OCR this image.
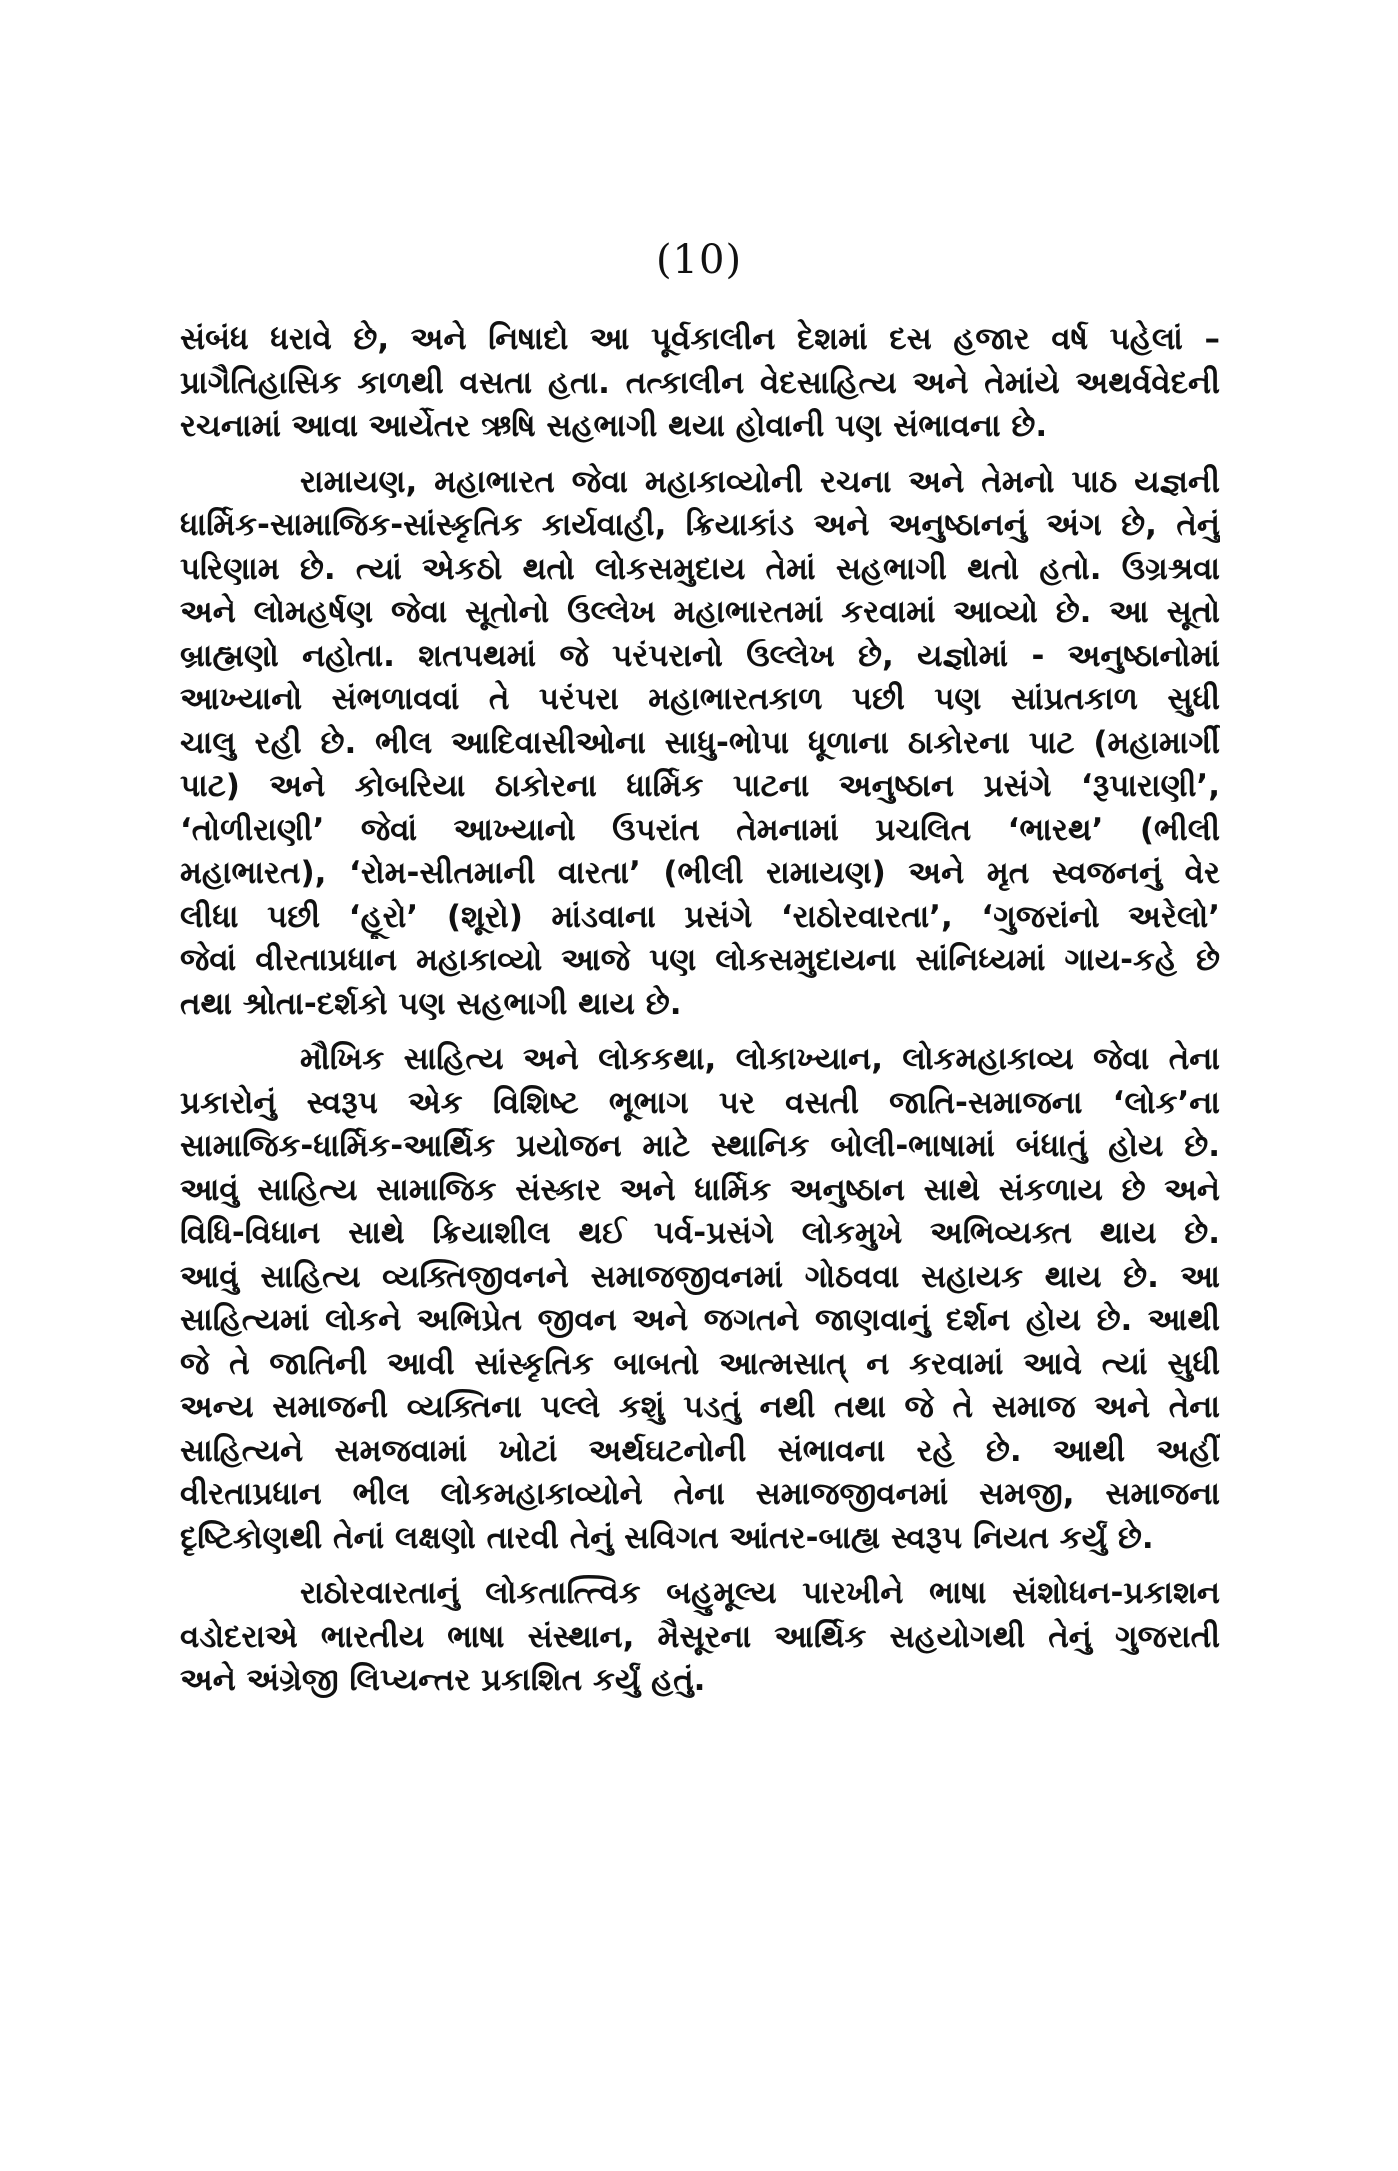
(10)

સંબંધ ધરાવે છે, અને નિષાદો આ પૂર્વકાલીન દેશમાં દસ હજાર વર્ષ પહેલાં –
પ્રાગૈતિહાસિક કાળથી વસતા હતા. તત્કાલીન વેદસાહિત્ય અને તેમાંયે અથર્વવેદની
રચનામાં આવા આર્યેતર ઋષિ સહભાગી થયા હોવાની પણ સંભાવના છે.

રામાયણ, મહાભારત જેવા મહાકાવ્યોની રચના અને તેમનો પાઠ યજ્ઞની
ધાર્મિક-સામાજિક-સાંસ્કૃતિક કાર્યવાહી, ક્રિયાકાંડ અને અનુષ્ઠાનનું અંગ છે, તેનું
પરિણામ છે. ત્યાં એકઠો થતો લોકસમુદાય તેમાં સહભાગી થતો હતો. ઉગ્રશ્રવા
અને લોમહર્ષણ જેવા સૂતોનો ઉલ્લેખ મહાભારતમાં કરવામાં આવ્યો છે. આ સૂતો
બ્રાહ્મણો નહોતા. શતપથમાં જે પરંપરાનો ઉલ્લેખ છે, યજ્ઞોમાં - અનુષ્ઠાનોમાં
આખ્યાનો સંભળાવવાં તે પરંપરા મહાભારતકાળ પછી પણ સાંપ્રતકાળ સુધી
ચાલુ રહી છે. ભીલ આદિવાસીઓના સાધુ-ભોપા ધૂળાના ઠાકોરના પાટ (મહામાર્ગી
પાટ) અને કોબરિયા ઠાકોરના ધાર્મિક પાટના અનુષ્ઠાન પ્રસંગે ‘રૂપારાણી’,
‘તોળીરાણી’ જેવાં આખ્યાનો ઉપરાંત તેમનામાં પ્રચલિત ‘ભારથ’ (ભીલી
મહાભારત), ‘રોમ-સીતમાની વારતા’ (ભીલી રામાયણ) અને મૃત સ્વજનનું વેર
લીધા પછી ‘હૂરો’ (શૂરો) માંડવાના પ્રસંગે ‘રાઠોરવારતા’, ‘ગુજરાંનો અરેલો’
જેવાં વીરતાપ્રધાન મહાકાવ્યો આજે પણ લોકસમુદાયના સાંનિધ્યમાં ગાય-કહે છે
તથા શ્રોતા-દર્શકો પણ સહભાગી થાય છે.

મૌખિક સાહિત્ય અને લોકકથા, લોકાખ્યાન, લોકમહાકાવ્ય જેવા તેના
પ્રકારોનું સ્વરૂપ એક વિશિષ્ટ ભૂભાગ પર વસતી જાતિ-સમાજના ‘લોક’ના
સામાજિક-ધાર્મિક-આર્થિક પ્રયોજન માટે સ્થાનિક બોલી-ભાષામાં બંધાતું હોય છે.
આવું સાહિત્ય સામાજિક સંસ્કાર અને ધાર્મિક અનુષ્ઠાન સાથે સંકળાય છે અને
વિધિ-વિધાન સાથે ક્રિયાશીલ થઈ પર્વ-પ્રસંગે લોકમુખે અભિવ્યક્ત થાય છે.
આવું સાહિત્ય વ્યક્તિજીવનને સમાજજીવનમાં ગોઠવવા સહાયક થાય છે. આ
સાહિત્યમાં લોકને અભિપ્રેત જીવન અને જગતને જાણવાનું દર્શન હોય છે. આથી
જે તે જાતિની આવી સાંસ્કૃતિક બાબતો આત્મસાત્ ન કરવામાં આવે ત્યાં સુધી
અન્ય સમાજની વ્યક્તિના પલ્લે કશું પડતું નથી તથા જે તે સમાજ અને તેના
સાહિત્યને સમજવામાં ખોટાં અર્થઘટનોની સંભાવના રહે છે. આથી અહીં
વીરતાપ્રધાન ભીલ લોકમહાકાવ્યોને તેના સમાજજીવનમાં સમજી, સમાજના
દૃષ્ટિકોણથી તેનાં લક્ષણો તારવી તેનું સવિગત આંતર-બાહ્ય સ્વરૂપ નિયત કર્યું છે.

રાઠોરવારતાનું લોકતાત્ત્વિક બહુમૂલ્ય પારખીને ભાષા સંશોધન-પ્રકાશન
વડોદરાએ ભારતીય ભાષા સંસ્થાન, મૈસૂરના આર્થિક સહયોગથી તેનું ગુજરાતી
અને અંગ્રેજી લિપ્યન્તર પ્રકાશિત કર્યું હતું.
